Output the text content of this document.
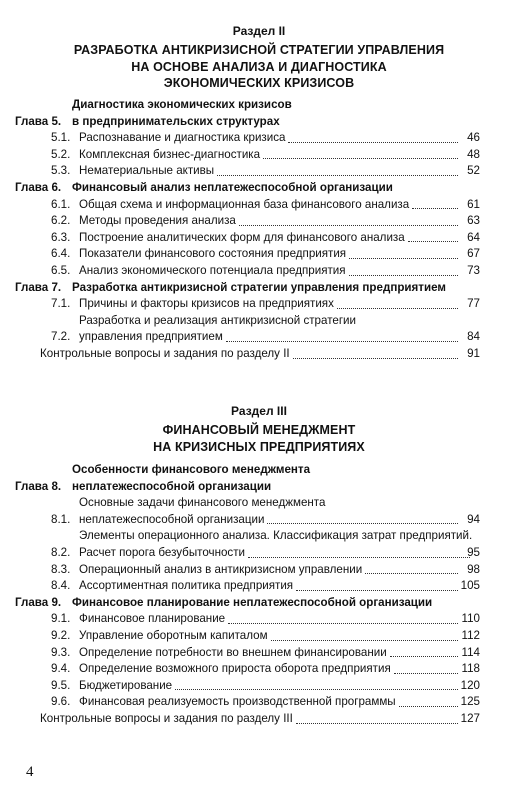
Раздел II
РАЗРАБОТКА АНТИКРИЗИСНОЙ СТРАТЕГИИ УПРАВЛЕНИЯ
НА ОСНОВЕ АНАЛИЗА И ДИАГНОСТИКА
ЭКОНОМИЧЕСКИХ КРИЗИСОВ
Глава 5.
Диагностика экономических кризисов
в предпринимательских структурах
5.1. Распознавание и диагностика кризиса	46
5.2. Комплексная бизнес-диагностика	48
5.3. Нематериальные активы	52
Глава 6. Финансовый анализ неплатежеспособной организации
6.1. Общая схема и информационная база финансового анализа	61
6.2. Методы проведения анализа	63
6.3. Построение аналитических форм для финансового анализа	64
6.4. Показатели финансового состояния предприятия	67
6.5. Анализ экономического потенциала предприятия	73
Глава 7. Разработка антикризисной стратегии управления предприятием
7.1. Причины и факторы кризисов на предприятиях	77
7.2.
Разработка и реализация антикризисной стратегии
управления предприятием	84
Контрольные вопросы и задания по разделу II	91
Раздел III
ФИНАНСОВЫЙ МЕНЕДЖМЕНТ
НА КРИЗИСНЫХ ПРЕДПРИЯТИЯХ
Глава 8.
Особенности финансового менеджмента
неплатежеспособной организации
8.1.
Основные задачи финансового менеджмента
неплатежеспособной организации	94
8.2.
Элементы операционного анализа. Классификация затрат предприятий.
Расчет порога безубыточности	95
8.3. Операционный анализ в антикризисном управлении	98
8.4. Ассортиментная политика предприятия	105
Глава 9. Финансовое планирование неплатежеспособной организации
9.1. Финансовое планирование	110
9.2. Управление оборотным капиталом	112
9.3. Определение потребности во внешнем финансировании	114
9.4. Определение возможного прироста оборота предприятия	118
9.5. Бюджетирование	120
9.6. Финансовая реализуемость производственной программы	125
Контрольные вопросы и задания по разделу III	127
4
